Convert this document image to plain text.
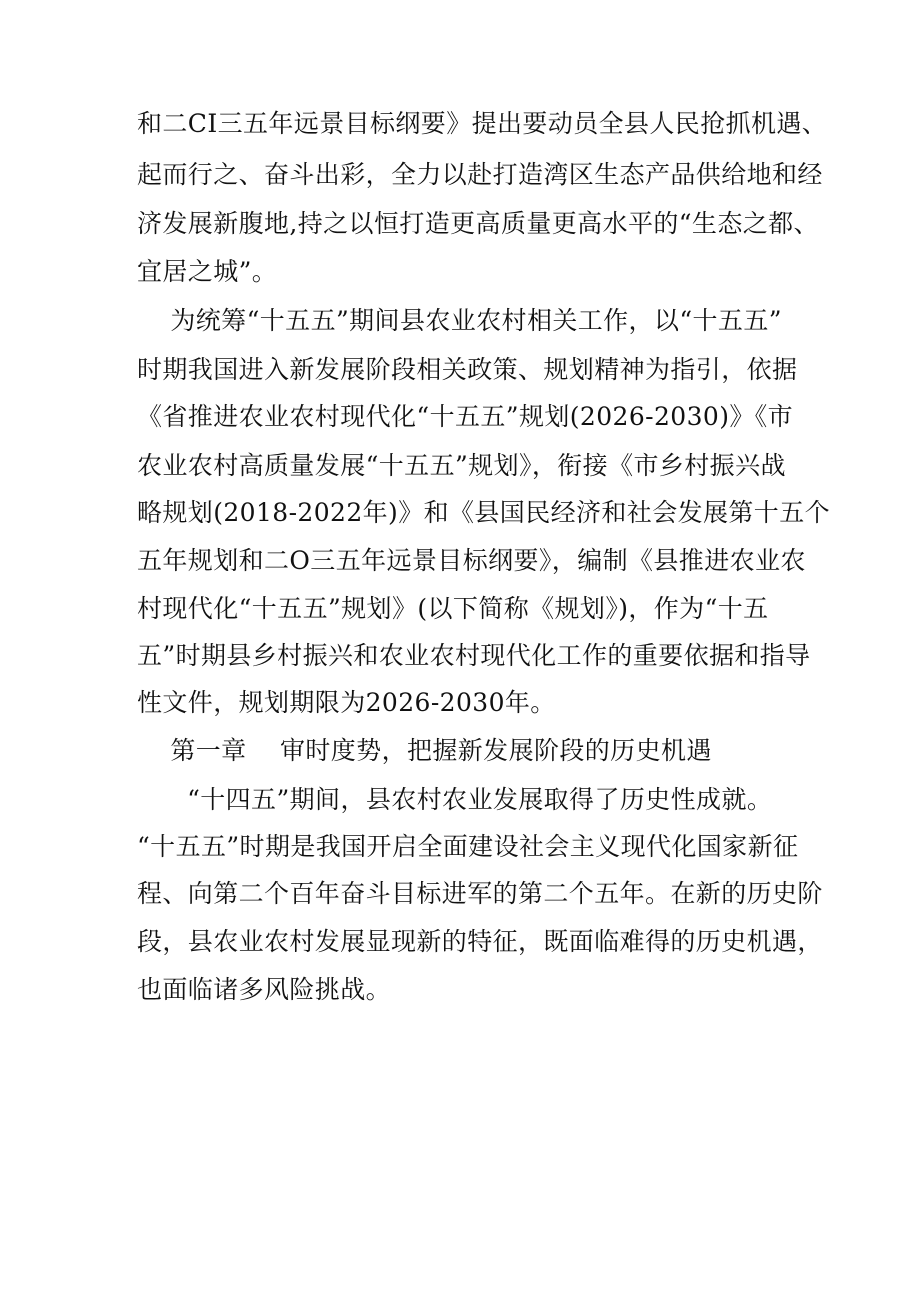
和二CI三五年远景目标纲要》提出要动员全县人民抢抓机遇、
起而行之、奋斗出彩，全力以赴打造湾区生态产品供给地和经
济发展新腹地,持之以恒打造更高质量更高水平的“生态之都、
宜居之城”。
为统筹“十五五”期间县农业农村相关工作，以“十五五”
时期我国进入新发展阶段相关政策、规划精神为指引，依据
《省推进农业农村现代化“十五五”规划(2026-2030)》《市
农业农村高质量发展“十五五”规划》，衔接《市乡村振兴战
略规划(2018-2022年)》和《县国民经济和社会发展第十五个
五年规划和二O三五年远景目标纲要》，编制《县推进农业农
村现代化“十五五”规划》(以下简称《规划》)，作为“十五
五”时期县乡村振兴和农业农村现代化工作的重要依据和指导
性文件，规划期限为2026-2030年。
第一章    审时度势，把握新发展阶段的历史机遇
“十四五”期间，县农村农业发展取得了历史性成就。
“十五五”时期是我国开启全面建设社会主义现代化国家新征
程、向第二个百年奋斗目标进军的第二个五年。在新的历史阶
段，县农业农村发展显现新的特征，既面临难得的历史机遇，
也面临诸多风险挑战。
